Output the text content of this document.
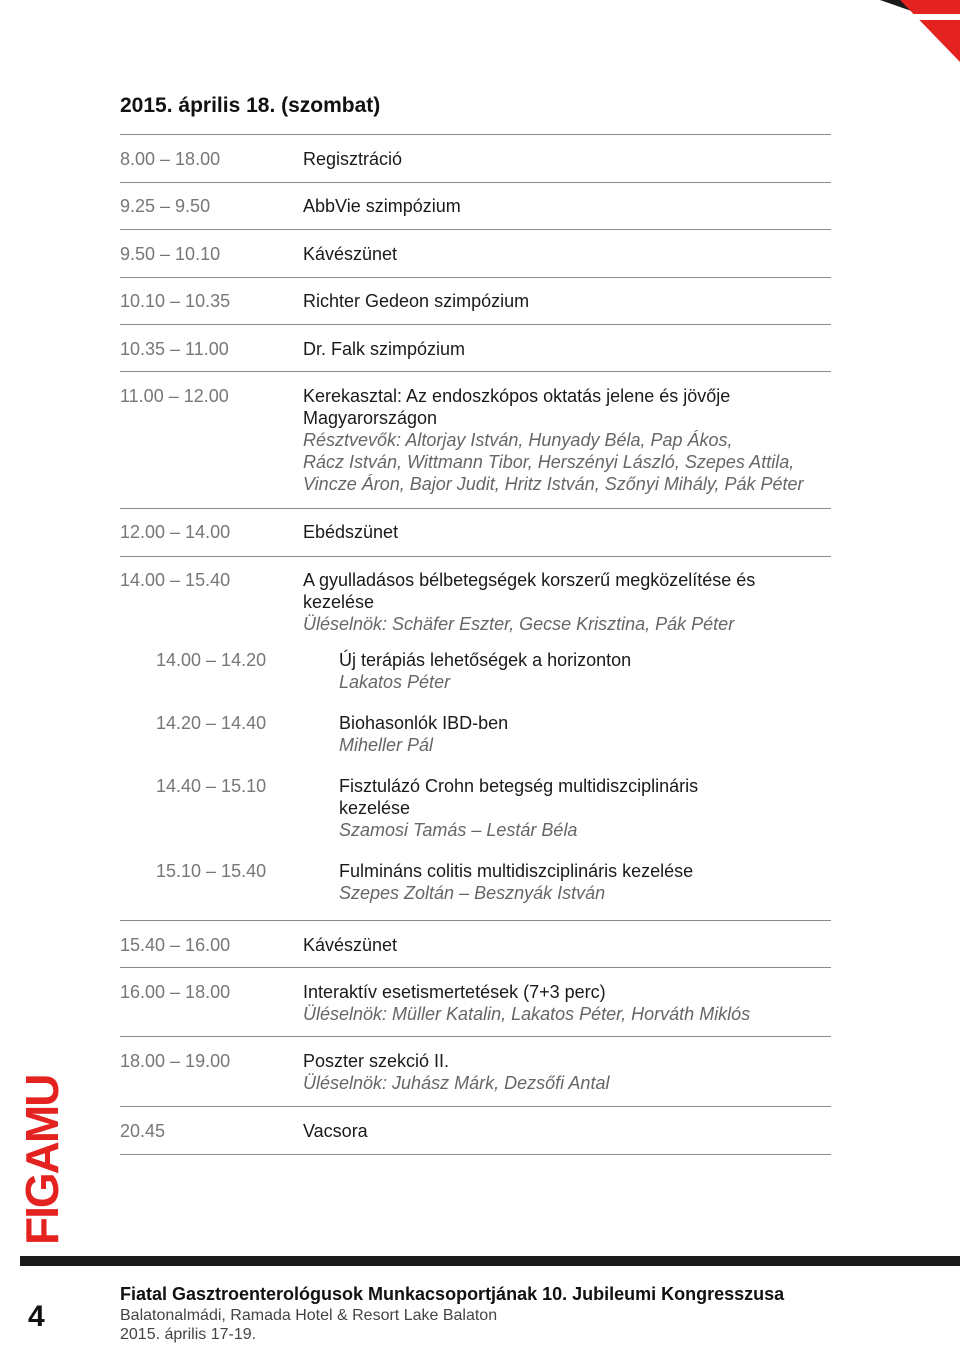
2015. április 18. (szombat)
8.00 – 18.00	Regisztráció
9.25 – 9.50	AbbVie szimpózium
9.50 – 10.10	Kávészünet
10.10 – 10.35	Richter Gedeon szimpózium
10.35 – 11.00	Dr. Falk szimpózium
11.00 – 12.00	Kerekasztal: Az endoszkópos oktatás jelene és jövője
Magyarországon
Résztvevők: Altorjay István, Hunyady Béla, Pap Ákos,
Rácz István, Wittmann Tibor, Herszényi László, Szepes Attila,
Vincze Áron, Bajor Judit, Hritz István, Szőnyi Mihály, Pák Péter
12.00 – 14.00	Ebédszünet
14.00 – 15.40	A gyulladásos bélbetegségek korszerű megközelítése és
kezelése
Üléselnök: Schäfer Eszter, Gecse Krisztina, Pák Péter
14.00 – 14.20	Új terápiás lehetőségek a horizonton
Lakatos Péter
14.20 – 14.40	Biohasonlók IBD-ben
Miheller Pál
14.40 – 15.10	Fisztulázó Crohn betegség multidiszciplináris
kezelése
Szamosi Tamás – Lestár Béla
15.10 – 15.40	Fulmináns colitis multidiszciplináris kezelése
Szepes Zoltán – Besznyák István
15.40 – 16.00	Kávészünet
16.00 – 18.00	Interaktív esetismertetések (7+3 perc)
Üléselnök: Müller Katalin, Lakatos Péter, Horváth Miklós
18.00 – 19.00	Poszter szekció II.
Üléselnök: Juhász Márk, Dezsőfi Antal
20.45	Vacsora
FIGAMU
4
Fiatal Gasztroenterológusok Munkacsoportjának 10. Jubileumi Kongresszusa
Balatonalmádi, Ramada Hotel & Resort Lake Balaton
2015. április 17-19.
